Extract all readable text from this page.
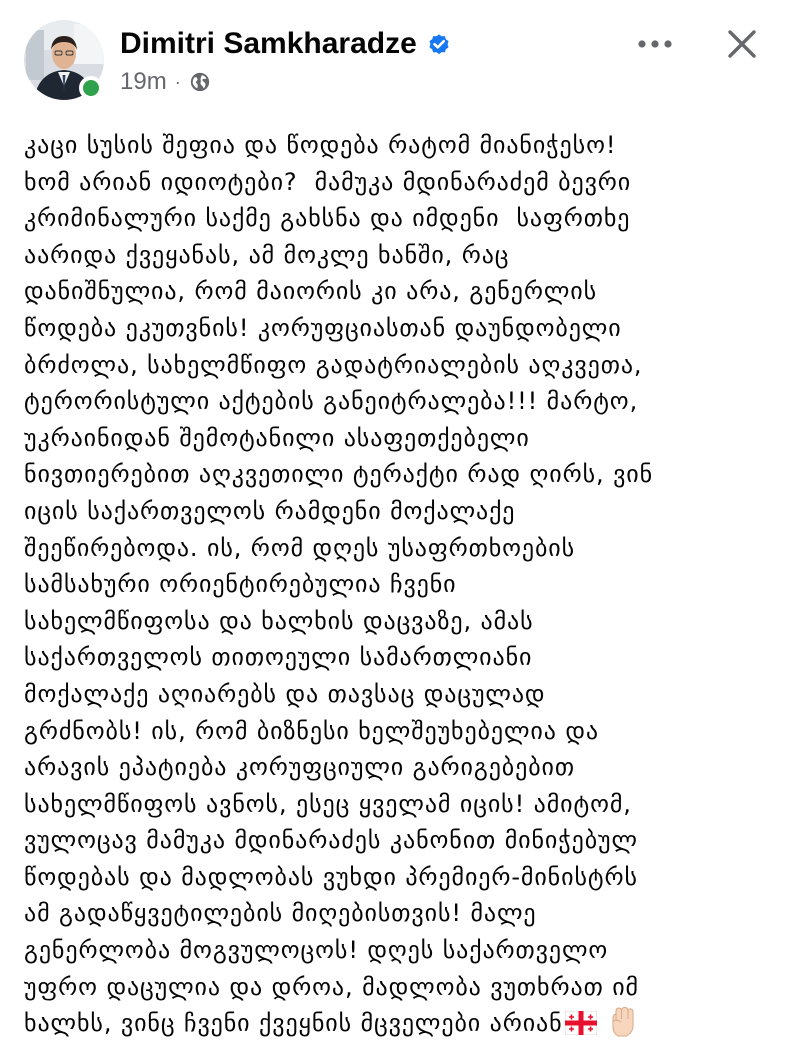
Dimitri Samkharadze
19m ·
კაცი სუსის შეფია და წოდება რატომ მიანიჭესო!
ხომ არიან იდიოტები?  მამუკა მდინარაძემ ბევრი
კრიმინალური საქმე გახსნა და იმდენი  საფრთხე
აარიდა ქვეყანას, ამ მოკლე ხანში, რაც
დანიშნულია, რომ მაიორის კი არა, გენერლის
წოდება ეკუთვნის! კორუფციასთან დაუნდობელი
ბრძოლა, სახელმწიფო გადატრიალების აღკვეთა,
ტერორისტული აქტების განეიტრალება!!! მარტო,
უკრაინიდან შემოტანილი ასაფეთქებელი
ნივთიერებით აღკვეთილი ტერაქტი რად ღირს, ვინ
იცის საქართველოს რამდენი მოქალაქე
შეეწირებოდა. ის, რომ დღეს უსაფრთხოების
სამსახური ორიენტირებულია ჩვენი
სახელმწიფოსა და ხალხის დაცვაზე, ამას
საქართველოს თითოეული სამართლიანი
მოქალაქე აღიარებს და თავსაც დაცულად
გრძნობს! ის, რომ ბიზნესი ხელშეუხებელია და
არავის ეპატიება კორუფციული გარიგებებით
სახელმწიფოს ავნოს, ესეც ყველამ იცის! ამიტომ,
ვულოცავ მამუკა მდინარაძეს კანონით მინიჭებულ
წოდებას და მადლობას ვუხდი პრემიერ-მინისტრს
ამ გადაწყვეტილების მიღებისთვის! მალე
გენერლობა მოგვულოცოს! დღეს საქართველო
უფრო დაცულია და დროა, მადლობა ვუთხრათ იმ
ხალხს, ვინც ჩვენი ქვეყნის მცველები არიან
